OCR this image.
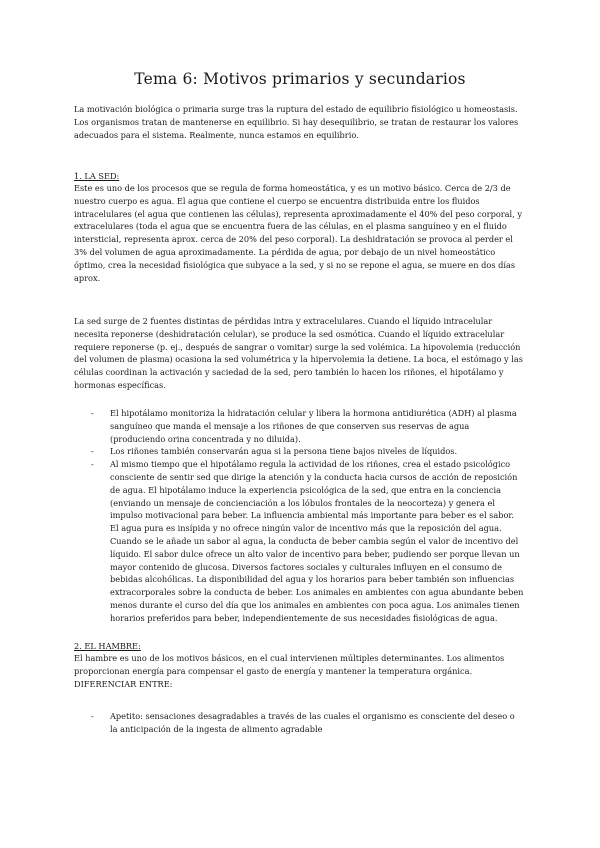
Tema 6: Motivos primarios y secundarios

La motivación biológica o primaria surge tras la ruptura del estado de equilibrio fisiológico u homeostasis. Los organismos tratan de mantenerse en equilibrio. Si hay desequilibrio, se tratan de restaurar los valores adecuados para el sistema. Realmente, nunca estamos en equilibrio.

1. LA SED:

Este es uno de los procesos que se regula de forma homeostática, y es un motivo básico. Cerca de 2/3 de nuestro cuerpo es agua. El agua que contiene el cuerpo se encuentra distribuida entre los fluidos intracelulares (el agua que contienen las células), representa aproximadamente el 40% del peso corporal, y extracelulares (toda el agua que se encuentra fuera de las células, en el plasma sanguíneo y en el fluido intersticial, representa aprox. cerca de 20% del peso corporal). La deshidratación se provoca al perder el 3% del volumen de agua aproximadamente. La pérdida de agua, por debajo de un nivel homeostático óptimo, crea la necesidad fisiológica que subyace a la sed, y si no se repone el agua, se muere en dos días aprox.

La sed surge de 2 fuentes distintas de pérdidas intra y extracelulares. Cuando el líquido intracelular necesita reponerse (deshidratación celular), se produce la sed osmótica. Cuando el líquido extracelular requiere reponerse (p. ej., después de sangrar o vomitar) surge la sed volémica. La hipovolemia (reducción del volumen de plasma) ocasiona la sed volumétrica y la hipervolemia la detiene. La boca, el estómago y las células coordinan la activación y saciedad de la sed, pero también lo hacen los riñones, el hipotálamo y hormonas específicas.

- El hipotálamo monitoriza la hidratación celular y libera la hormona antidiurética (ADH) al plasma sanguíneo que manda el mensaje a los riñones de que conserven sus reservas de agua (produciendo orina concentrada y no diluida).
- Los riñones también conservarán agua si la persona tiene bajos niveles de líquidos.
- Al mismo tiempo que el hipotálamo regula la actividad de los riñones, crea el estado psicológico consciente de sentir sed que dirige la atención y la conducta hacia cursos de acción de reposición de agua. El hipotálamo induce la experiencia psicológica de la sed, que entra en la conciencia (enviando un mensaje de concienciación a los lóbulos frontales de la neocorteza) y genera el impulso motivacional para beber. La influencia ambiental más importante para beber es el sabor. El agua pura es insípida y no ofrece ningún valor de incentivo más que la reposición del agua. Cuando se le añade un sabor al agua, la conducta de beber cambia según el valor de incentivo del líquido. El sabor dulce ofrece un alto valor de incentivo para beber, pudiendo ser porque llevan un mayor contenido de glucosa. Diversos factores sociales y culturales influyen en el consumo de bebidas alcohólicas. La disponibilidad del agua y los horarios para beber también son influencias extracorporales sobre la conducta de beber. Los animales en ambientes con agua abundante beben menos durante el curso del día que los animales en ambientes con poca agua. Los animales tienen horarios preferidos para beber, independientemente de sus necesidades fisiológicas de agua.

2. EL HAMBRE:

El hambre es uno de los motivos básicos, en el cual intervienen múltiples determinantes. Los alimentos proporcionan energía para compensar el gasto de energía y mantener la temperatura orgánica. DIFERENCIAR ENTRE:

- Apetito: sensaciones desagradables a través de las cuales el organismo es consciente del deseo o la anticipación de la ingesta de alimento agradable
